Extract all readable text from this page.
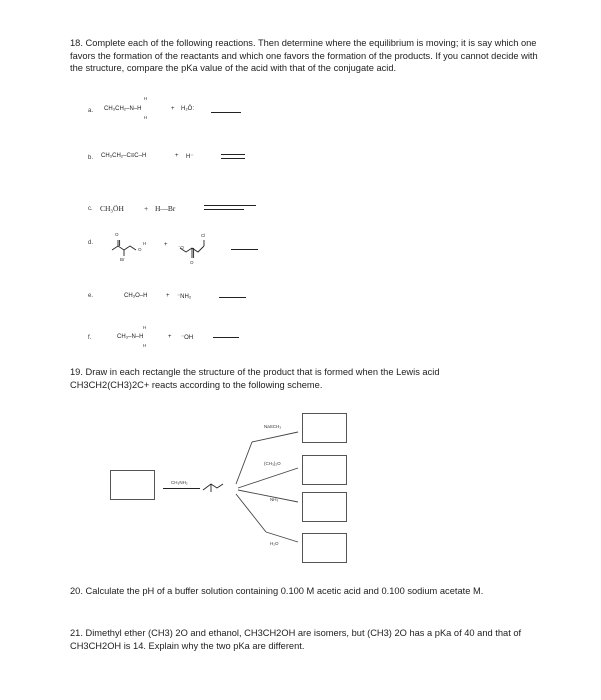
18. Complete each of the following reactions. Then determine where the equilibrium is moving; it is say which one favors the formation of the reactants and which one favors the formation of the products. If you cannot decide with the structure, compare the pKa value of the acid with that of the conjugate acid.
a.
H
CH₃CH₂–N–H
H
+ H₂Ö:
b. CH₃CH₂–C≡C–H	+ H⁻
c. CH₃ÖH	+ H—Br
d.
O
O
H
Br
+
Cl
⁻O
O
e.	CH₃O–H	+ ⁻NH₂
f.
H
CH₃–N–H
H
+ ⁻OH
19. Draw in each rectangle the structure of the product that is formed when the Lewis acid CH3CH2(CH3)2C+ reacts according to the following scheme.
CH₃NH₂
NaSCH₃
(CH₃)₂O
NH₃
H₂O
20. Calculate the pH of a buffer solution containing 0.100 M acetic acid and 0.100 sodium acetate M.
21. Dimethyl ether (CH3) 2O and ethanol, CH3CH2OH are isomers, but (CH3) 2O has a pKa of 40 and that of CH3CH2OH is 14. Explain why the two pKa are different.
